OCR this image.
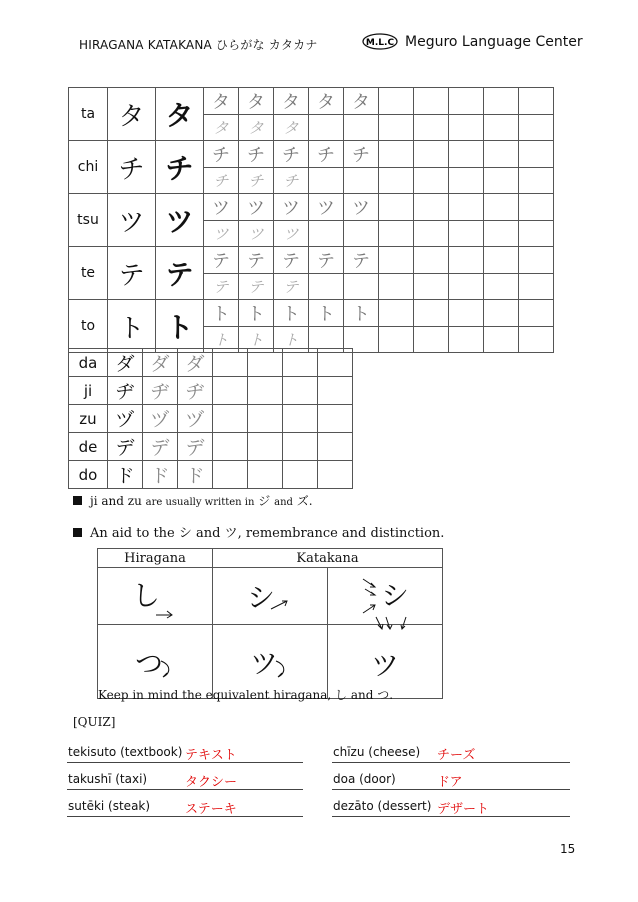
HIRAGANA KATAKANA ひらがな カタカナ	M.L.C Meguro Language Center
ta	タ	タ	タ	タ	タ	タ	タ					
			タ	タ	タ							
chi	チ	チ	チ	チ	チ	チ	チ					
			チ	チ	チ							
tsu	ツ	ツ	ツ	ツ	ツ	ツ	ツ					
			ツ	ツ	ツ							
te	テ	テ	テ	テ	テ	テ	テ					
			テ	テ	テ							
to	ト	ト	ト	ト	ト	ト	ト					
			ト	ト	ト							
da	ダ	ダ	ダ				
ji	ヂ	ヂ	ヂ				
zu	ヅ	ヅ	ヅ				
de	デ	デ	デ				
do	ド	ド	ド				
ji and zu are usually written in ジ and ズ.
An aid to the シ and ツ, remembrance and distinction.
Hiragana	Katakana	
し	シ	シ
つ	ツ	ツ
Keep in mind the equivalent hiragana, し and つ.
[QUIZ]
tekisuto (textbook) テキスト
takushī (taxi)	タクシー
sutēki (steak)	ステーキ
chīzu (cheese) チーズ
doa (door)	ドア
dezāto (dessert) デザート
15
